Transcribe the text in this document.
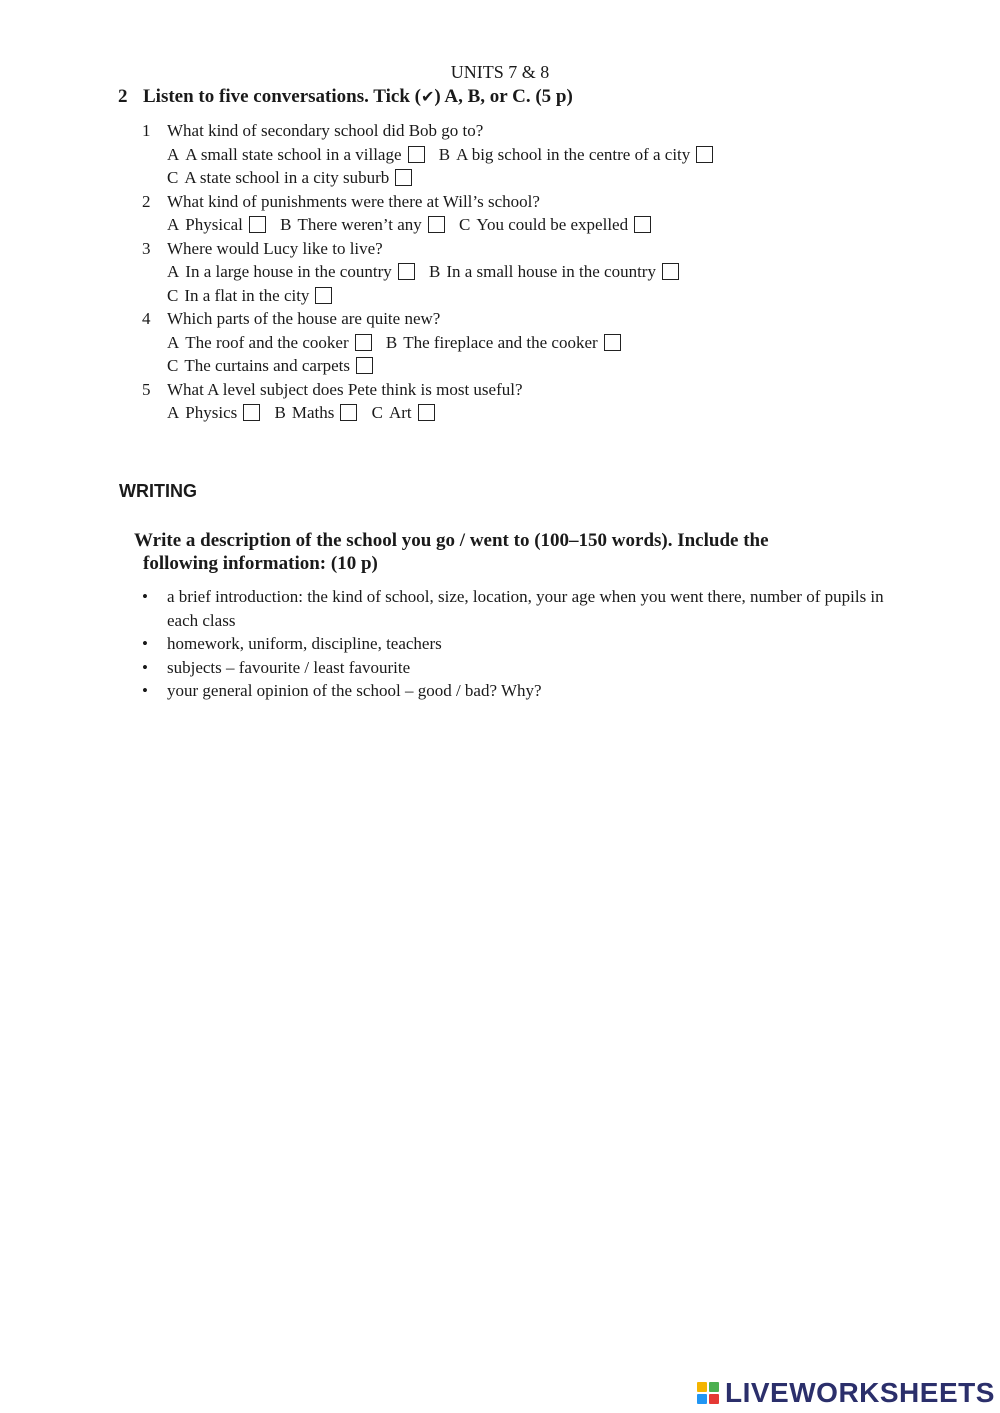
UNITS 7 & 8
2 Listen to five conversations. Tick (✔) A, B, or C. (5 p)
1 What kind of secondary school did Bob go to?
A A small state school in a village B A big school in the centre of a city
C A state school in a city suburb
2 What kind of punishments were there at Will’s school?
A Physical B There weren’t any C You could be expelled
3 Where would Lucy like to live?
A In a large house in the country B In a small house in the country
C In a flat in the city
4 Which parts of the house are quite new?
A The roof and the cooker B The fireplace and the cooker
C The curtains and carpets
5 What A level subject does Pete think is most useful?
A Physics B Maths C Art
WRITING
Write a description of the school you go / went to (100–150 words). Include the
following information: (10 p)
• a brief introduction: the kind of school, size, location, your age when you went there, number of pupils in each class
• homework, uniform, discipline, teachers
• subjects – favourite / least favourite
• your general opinion of the school – good / bad? Why?
LIVEWORKSHEETS
